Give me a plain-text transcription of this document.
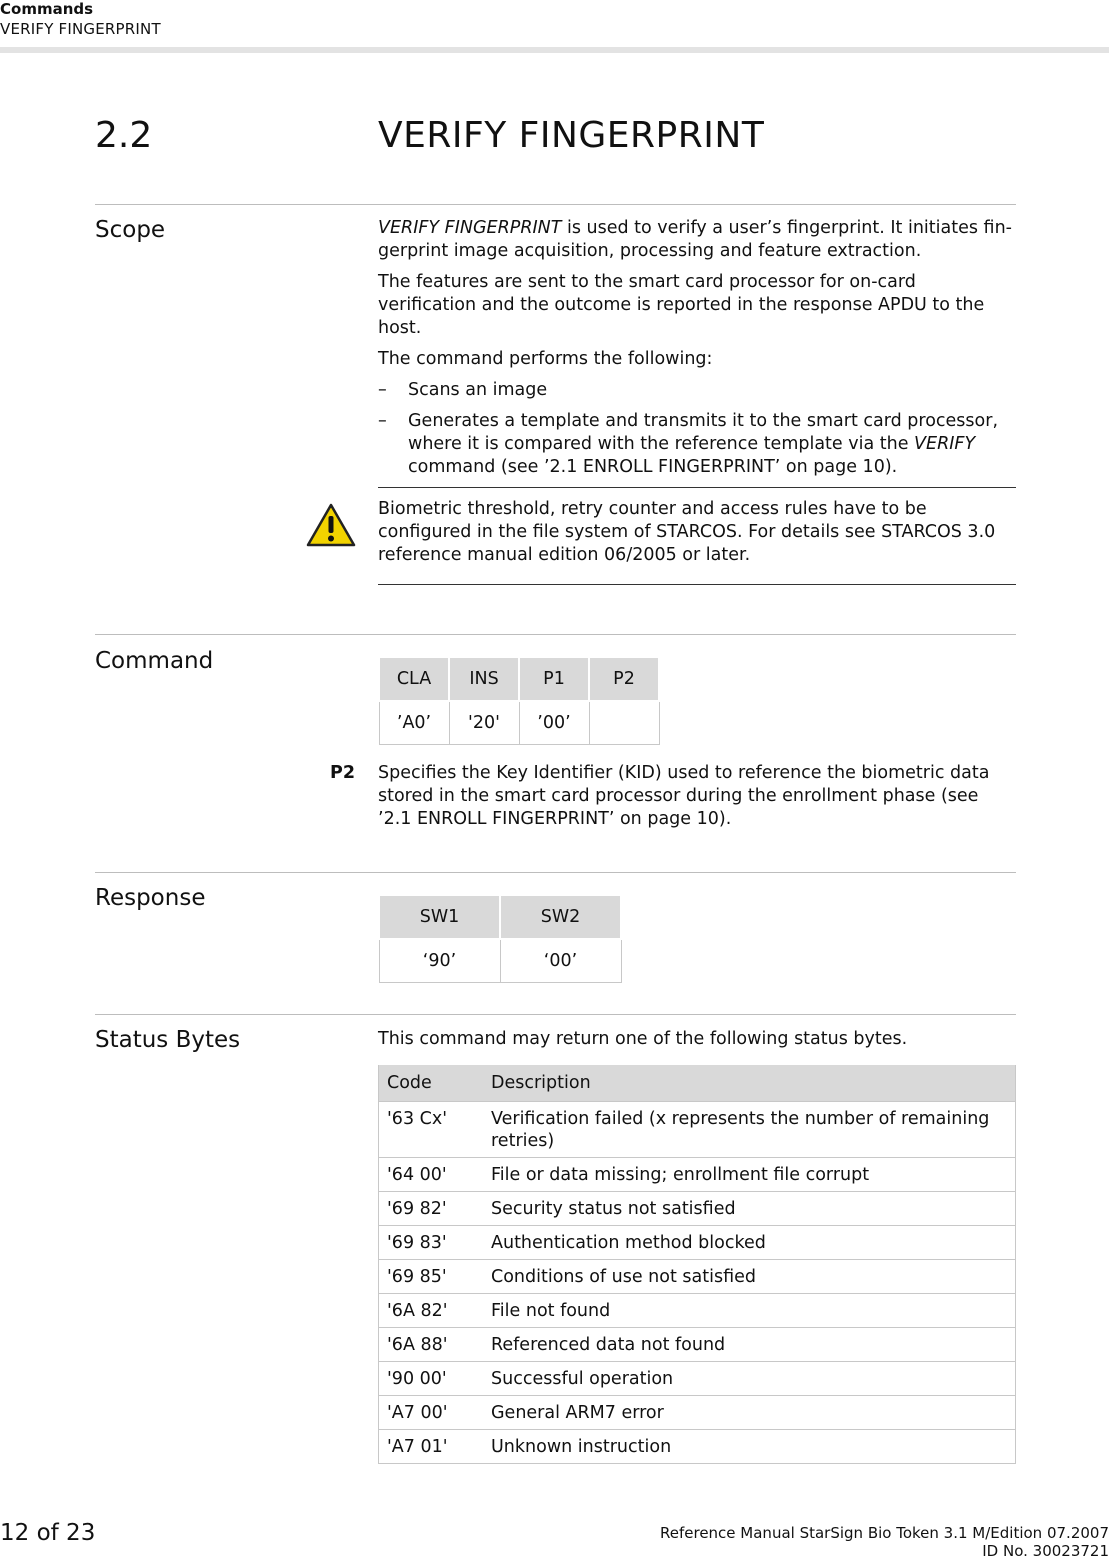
Commands
VERIFY FINGERPRINT
2.2	VERIFY FINGERPRINT
Scope	VERIFY FINGERPRINT is used to verify a user’s fingerprint. It initiates fingerprint image acquisition, processing and feature extraction.

The features are sent to the smart card processor for on-card verification and the outcome is reported in the response APDU to the host.

The command performs the following:

– Scans an image
– Generates a template and transmits it to the smart card processor, where it is compared with the reference template via the VERIFY command (see ’2.1 ENROLL FINGERPRINT’ on page 10).
Biometric threshold, retry counter and access rules have to be configured in the file system of STARCOS. For details see STARCOS 3.0 reference manual edition 06/2005 or later.
Command
CLA	INS	P1	P2
’A0’	'20'	’00’	
P2 Specifies the Key Identifier (KID) used to reference the biometric data stored in the smart card processor during the enrollment phase (see ’2.1 ENROLL FINGERPRINT’ on page 10).
Response
SW1	SW2
‘90’	‘00’
Status Bytes	This command may return one of the following status bytes.
Code	Description
'63 Cx'	Verification failed (x represents the number of remaining retries)
'64 00'	File or data missing; enrollment file corrupt
'69 82'	Security status not satisfied
'69 83'	Authentication method blocked
'69 85'	Conditions of use not satisfied
'6A 82'	File not found
'6A 88'	Referenced data not found
'90 00'	Successful operation
'A7 00'	General ARM7 error
'A7 01'	Unknown instruction
12 of 23	Reference Manual StarSign Bio Token 3.1 M/Edition 07.2007
ID No. 30023721
